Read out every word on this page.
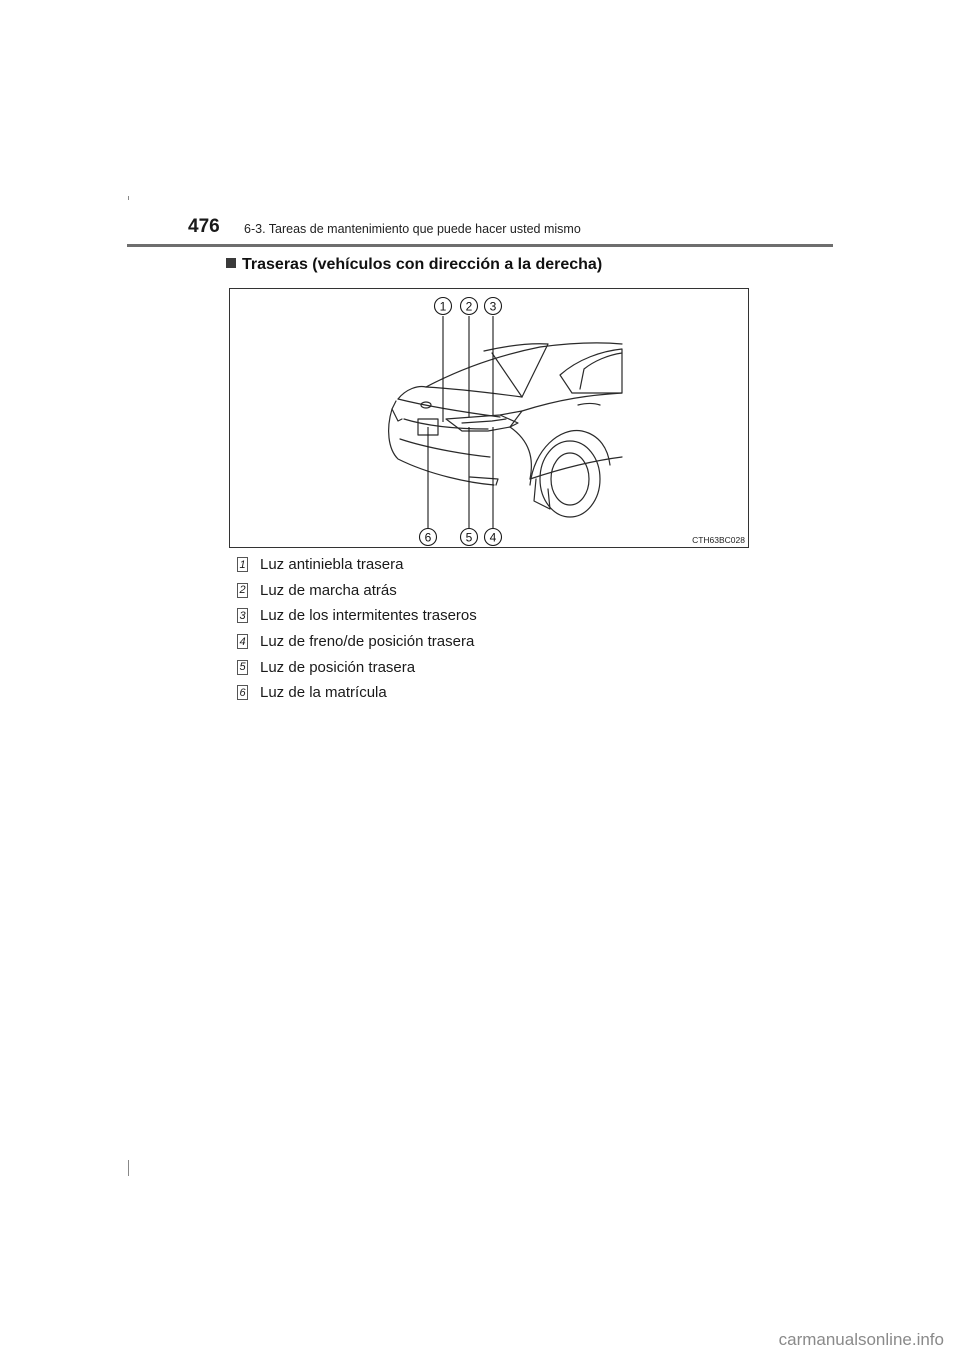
476 6-3. Tareas de mantenimiento que puede hacer usted mismo
Traseras (vehículos con dirección a la derecha)
1 2 3
4
5
6	CTH63BC028
1 Luz antiniebla trasera
2 Luz de marcha atrás
3 Luz de los intermitentes traseros
4 Luz de freno/de posición trasera
5 Luz de posición trasera
6 Luz de la matrícula
carmanualsonline.info
